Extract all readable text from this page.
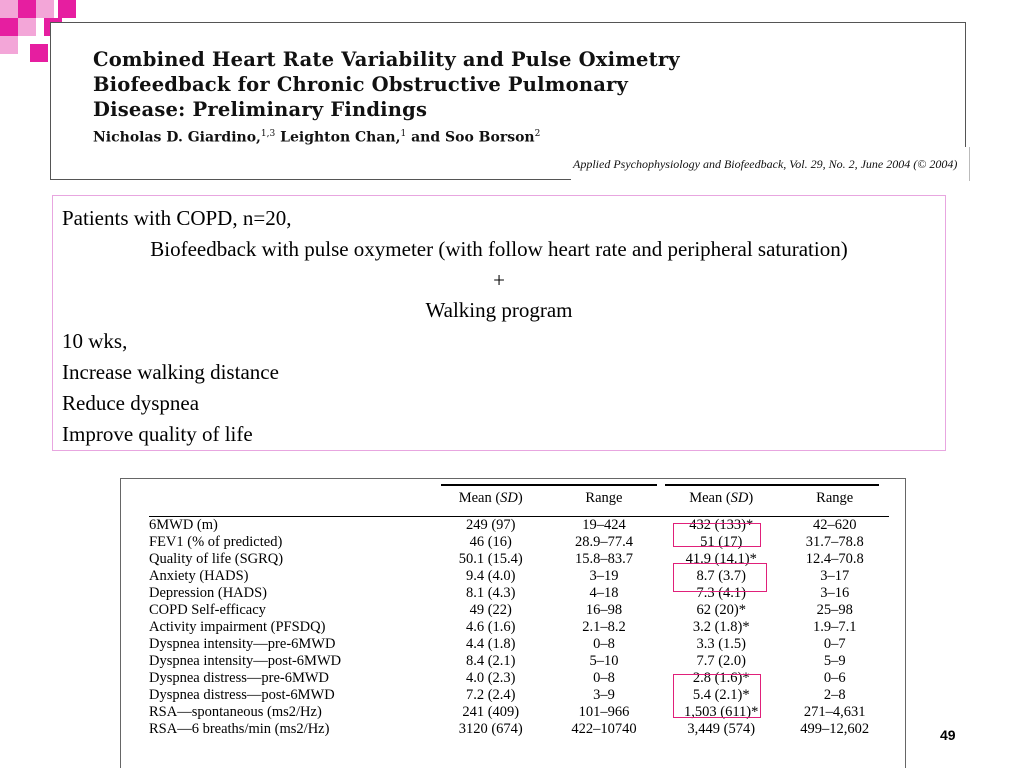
Combined Heart Rate Variability and Pulse Oximetry
Biofeedback for Chronic Obstructive Pulmonary
Disease: Preliminary Findings
Nicholas D. Giardino,$^{1,3}$ Leighton Chan,$^1$ and Soo Borson$^2$
Applied Psychophysiology and Biofeedback, Vol. 29, No. 2, June 2004 (© 2004)
Patients with COPD, n=20,
Biofeedback with pulse oxymeter (with follow heart rate and peripheral saturation)
+
Walking program
10 wks,
Increase walking distance
Reduce dyspnea
Improve quality of life
	Mean (SD)	Range	Mean (SD)	Range
6MWD (m)	249 (97)	19–424	432 (133)*	42–620
FEV1 (% of predicted)	46 (16)	28.9–77.4	51 (17)	31.7–78.8
Quality of life (SGRQ)	50.1 (15.4)	15.8–83.7	41.9 (14.1)*	12.4–70.8
Anxiety (HADS)	9.4 (4.0)	3–19	8.7 (3.7)	3–17
Depression (HADS)	8.1 (4.3)	4–18	7.3 (4.1)	3–16
COPD Self-efficacy	49 (22)	16–98	62 (20)*	25–98
Activity impairment (PFSDQ)	4.6 (1.6)	2.1–8.2	3.2 (1.8)*	1.9–7.1
Dyspnea intensity—pre-6MWD	4.4 (1.8)	0–8	3.3 (1.5)	0–7
Dyspnea intensity—post-6MWD	8.4 (2.1)	5–10	7.7 (2.0)	5–9
Dyspnea distress—pre-6MWD	4.0 (2.3)	0–8	2.8 (1.6)*	0–6
Dyspnea distress—post-6MWD	7.2 (2.4)	3–9	5.4 (2.1)*	2–8
RSA—spontaneous (ms2/Hz)	241 (409)	101–966	1,503 (611)*	271–4,631
RSA—6 breaths/min (ms2/Hz)	3120 (674)	422–10740	3,449 (574)	499–12,602	49
